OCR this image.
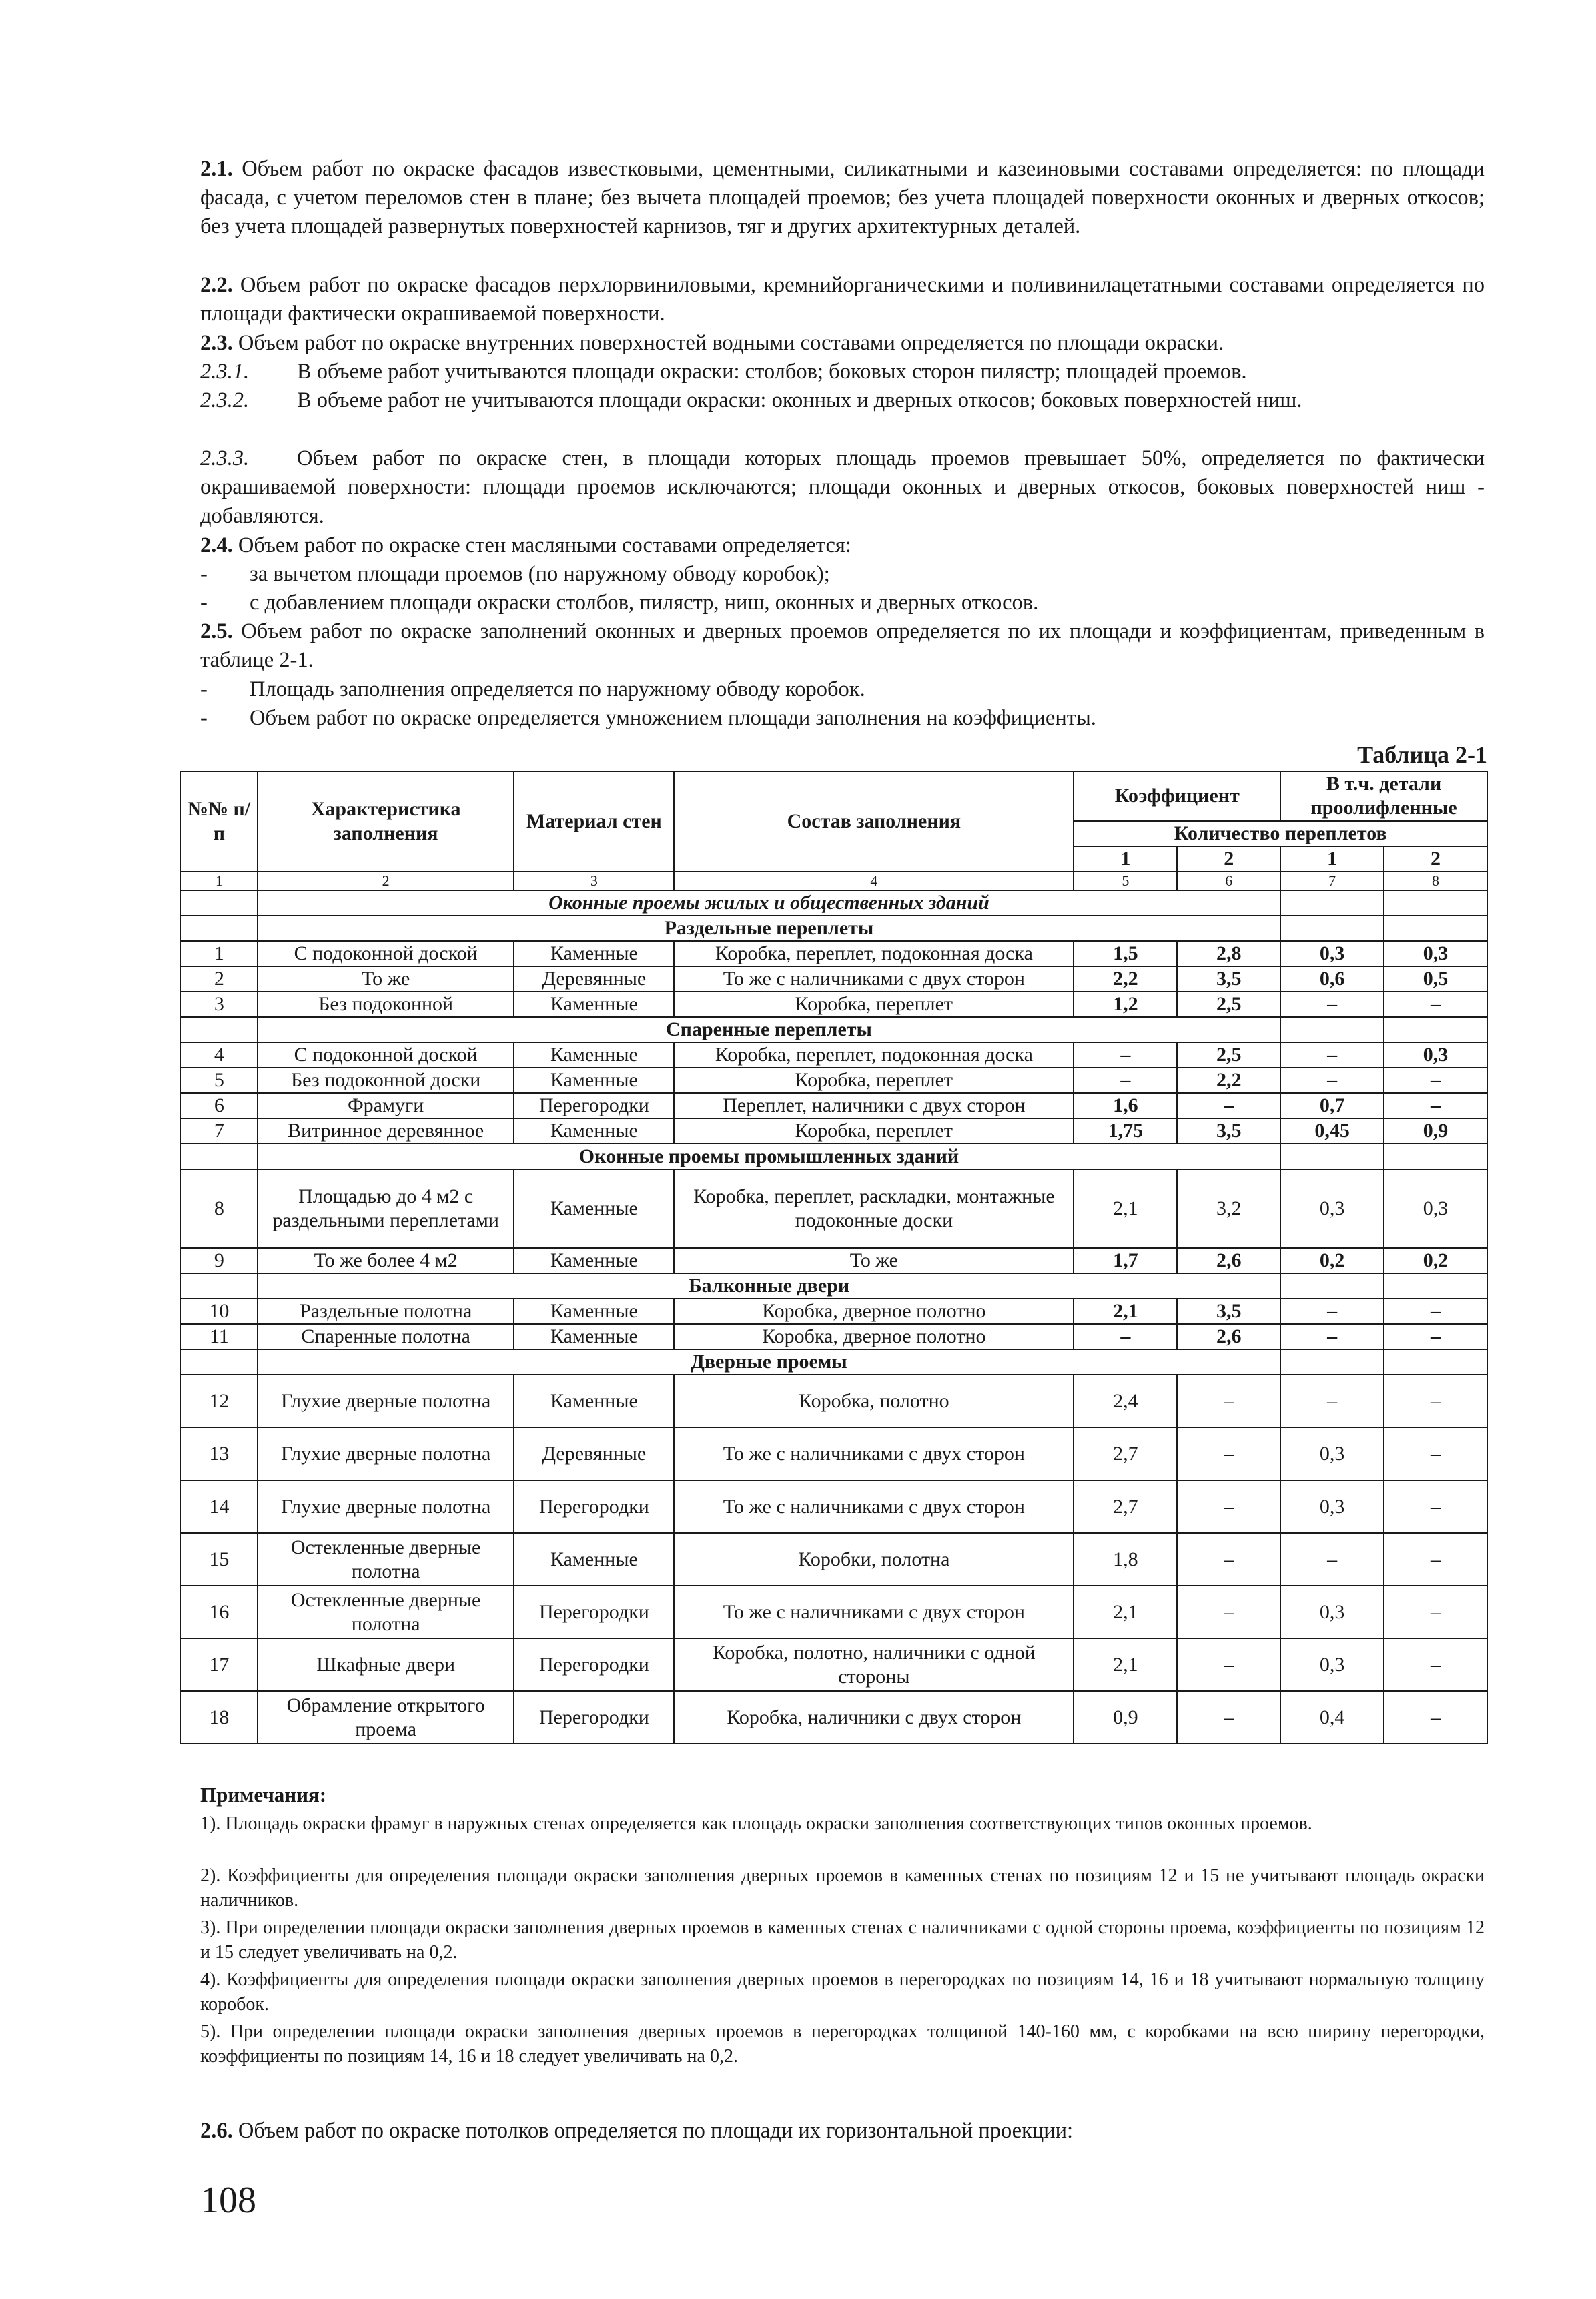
2.1. Объем работ по окраске фасадов известковыми, цементными, силикатными и казеиновыми составами определяется: по площади фасада, с учетом переломов стен в плане; без вычета площадей проемов; без учета площадей поверхности оконных и дверных откосов; без учета площадей развернутых поверхностей карнизов, тяг и других архитектурных деталей.

2.2. Объем работ по окраске фасадов перхлорвиниловыми, кремнийорганическими и поливинилацетатными составами определяется по площади фактически окрашиваемой поверхности.

2.3. Объем работ по окраске внутренних поверхностей водными составами определяется по площади окраски.

2.3.1. В объеме работ учитываются площади окраски: столбов; боковых сторон пилястр; площадей проемов.

2.3.2. В объеме работ не учитываются площади окраски: оконных и дверных откосов; боковых поверхностей ниш.

2.3.3. Объем работ по окраске стен, в площади которых площадь проемов превышает 50%, определяется по фактически окрашиваемой поверхности: площади проемов исключаются; площади оконных и дверных откосов, боковых поверхностей ниш - добавляются.

2.4. Объем работ по окраске стен масляными составами определяется:

- за вычетом площади проемов (по наружному обводу коробок);

- с добавлением площади окраски столбов, пилястр, ниш, оконных и дверных откосов.

2.5. Объем работ по окраске заполнений оконных и дверных проемов определяется по их площади и коэффициентам, приведенным в таблице 2-1.

- Площадь заполнения определяется по наружному обводу коробок.

- Объем работ по окраске определяется умножением площади заполнения на коэффициенты.

Таблица 2-1
№№ п/п	Характеристика заполнения	Материал стен	Состав заполнения	Коэффициент		В т.ч. детали проолифленные	
				Количество переплетов			
				1	2	1	2
1	2	3	4	5	6	7	8
	Оконные проемы жилых и общественных зданий						
	Раздельные переплеты						
1	С подоконной доской	Каменные	Коробка, переплет, подоконная доска	1,5	2,8	0,3	0,3
2	То же	Деревянные	То же с наличниками с двух сторон	2,2	3,5	0,6	0,5
3	Без подоконной	Каменные	Коробка, переплет	1,2	2,5	–	–
	Спаренные переплеты						
4	С подоконной доской	Каменные	Коробка, переплет, подоконная доска	–	2,5	–	0,3
5	Без подоконной доски	Каменные	Коробка, переплет	–	2,2	–	–
6	Фрамуги	Перегородки	Переплет, наличники с двух сторон	1,6	–	0,7	–
7	Витринное деревянное	Каменные	Коробка, переплет	1,75	3,5	0,45	0,9
	Оконные проемы промышленных зданий						
8	Площадью до 4 м2 с раздельными переплетами	Каменные	Коробка, переплет, раскладки, монтажные подоконные доски	2,1	3,2	0,3	0,3
9	То же более 4 м2	Каменные	То же	1,7	2,6	0,2	0,2
	Балконные двери						
10	Раздельные полотна	Каменные	Коробка, дверное полотно	2,1	3,5	–	–
11	Спаренные полотна	Каменные	Коробка, дверное полотно	–	2,6	–	–
	Дверные проемы						
12	Глухие дверные полотна	Каменные	Коробка, полотно	2,4	–	–	–
13	Глухие дверные полотна	Деревянные	То же с наличниками с двух сторон	2,7	–	0,3	–
14	Глухие дверные полотна	Перегородки	То же с наличниками с двух сторон	2,7	–	0,3	–
15	Остекленные дверные полотна	Каменные	Коробки, полотна	1,8	–	–	–
16	Остекленные дверные полотна	Перегородки	То же с наличниками с двух сторон	2,1	–	0,3	–
17	Шкафные двери	Перегородки	Коробка, полотно, наличники с одной стороны	2,1	–	0,3	–
18	Обрамление открытого проема	Перегородки	Коробка, наличники с двух сторон	0,9	–	0,4	–
Примечания:

1). Площадь окраски фрамуг в наружных стенах определяется как площадь окраски заполнения соответствующих типов оконных проемов.

2). Коэффициенты для определения площади окраски заполнения дверных проемов в каменных стенах по позициям 12 и 15 не учитывают площадь окраски наличников.

3). При определении площади окраски заполнения дверных проемов в каменных стенах с наличниками с одной стороны проема, коэффициенты по позициям 12 и 15 следует увеличивать на 0,2.

4). Коэффициенты для определения площади окраски заполнения дверных проемов в перегородках по позициям 14, 16 и 18 учитывают нормальную толщину коробок.

5). При определении площади окраски заполнения дверных проемов в перегородках толщиной 140-160 мм, с коробками на всю ширину перегородки, коэффициенты по позициям 14, 16 и 18 следует увеличивать на 0,2.

2.6. Объем работ по окраске потолков определяется по площади их горизонтальной проекции:

108
